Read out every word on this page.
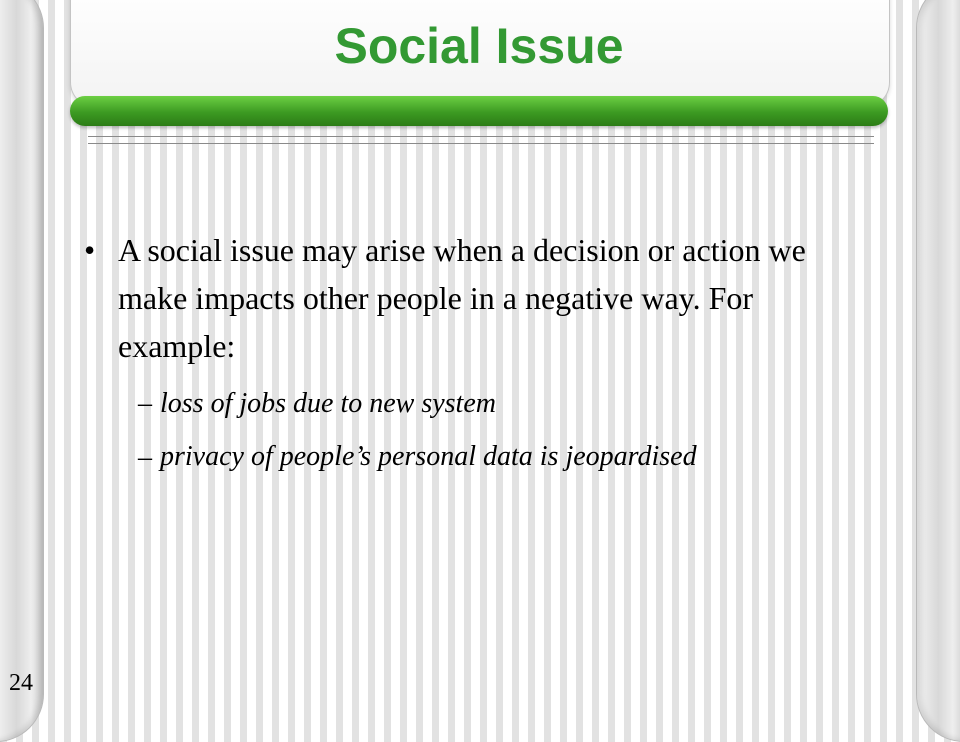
Social Issue
• A social issue may arise when a decision or action we make impacts other people in a negative way. For example:
– loss of jobs due to new system
– privacy of people’s personal data is jeopardised
24
